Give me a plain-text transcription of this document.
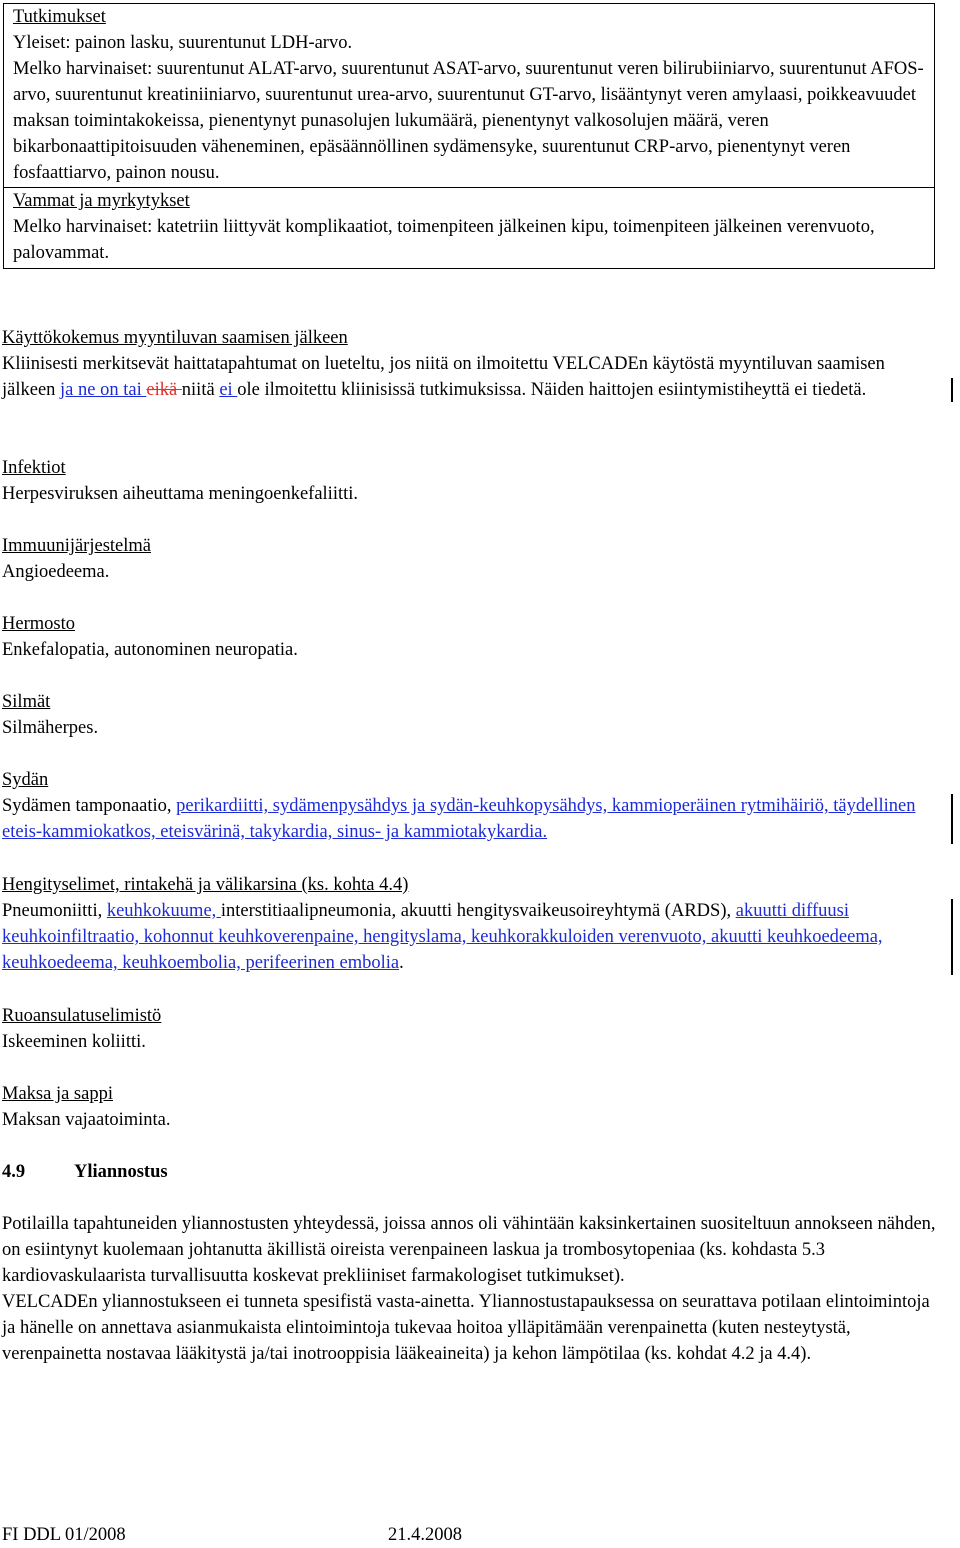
Tutkimukset
Yleiset: painon lasku, suurentunut LDH-arvo.
Melko harvinaiset: suurentunut ALAT-arvo, suurentunut ASAT-arvo, suurentunut veren bilirubiiniarvo, suurentunut AFOS-arvo, suurentunut kreatiniiniarvo, suurentunut urea-arvo, suurentunut GT-arvo, lisääntynyt veren amylaasi, poikkeavuudet maksan toimintakokeissa, pienentynyt punasolujen lukumäärä, pienentynyt valkosolujen määrä, veren bikarbonaattipitoisuuden väheneminen, epäsäännöllinen sydämensyke, suurentunut CRP-arvo, pienentynyt veren fosfaattiarvo, painon nousu.
Vammat ja myrkytykset
Melko harvinaiset: katetriin liittyvät komplikaatiot, toimenpiteen jälkeinen kipu, toimenpiteen jälkeinen verenvuoto, palovammat.
Käyttökokemus myyntiluvan saamisen jälkeen
Kliinisesti merkitsevät haittatapahtumat on lueteltu, jos niitä on ilmoitettu VELCADEn käytöstä myyntiluvan saamisen jälkeen ja ne on tai eikä niitä ei ole ilmoitettu kliinisissä tutkimuksissa. Näiden haittojen esiintymistiheyttä ei tiedetä.
Infektiot
Herpesviruksen aiheuttama meningoenkefaliitti.
Immuunijärjestelmä
Angioedeema.
Hermosto
Enkefalopatia, autonominen neuropatia.
Silmät
Silmäherpes.
Sydän
Sydämen tamponaatio, perikardiitti, sydämenpysähdys ja sydän-keuhkopysähdys, kammioperäinen rytmihäiriö, täydellinen eteis-kammiokatkos, eteisvärinä, takykardia, sinus- ja kammiotakykardia.
Hengityselimet, rintakehä ja välikarsina (ks. kohta 4.4)
Pneumoniitti, keuhkokuume, interstitiaalipneumonia, akuutti hengitysvaikeusoireyhtymä (ARDS), akuutti diffuusi keuhkoinfiltraatio, kohonnut keuhkoverenpaine, hengityslama, keuhkorakkuloiden verenvuoto, akuutti keuhkoedeema, keuhkoedeema, keuhkoembolia, perifeerinen embolia.
Ruoansulatuselimistö
Iskeeminen koliitti.
Maksa ja sappi
Maksan vajaatoiminta.
4.9	Yliannostus
Potilailla tapahtuneiden yliannostusten yhteydessä, joissa annos oli vähintään kaksinkertainen suositeltuun annokseen nähden, on esiintynyt kuolemaan johtanutta äkillistä oireista verenpaineen laskua ja trombosytopeniaa (ks. kohdasta 5.3 kardiovaskulaarista turvallisuutta koskevat prekliiniset farmakologiset tutkimukset).
VELCADEn yliannostukseen ei tunneta spesifistä vasta-ainetta. Yliannostustapauksessa on seurattava potilaan elintoimintoja ja hänelle on annettava asianmukaista elintoimintoja tukevaa hoitoa ylläpitämään verenpainetta (kuten nesteytystä, verenpainetta nostavaa lääkitystä ja/tai inotrooppisia lääkeaineita) ja kehon lämpötilaa (ks. kohdat 4.2 ja 4.4).
FI DDL 01/2008	21.4.2008
